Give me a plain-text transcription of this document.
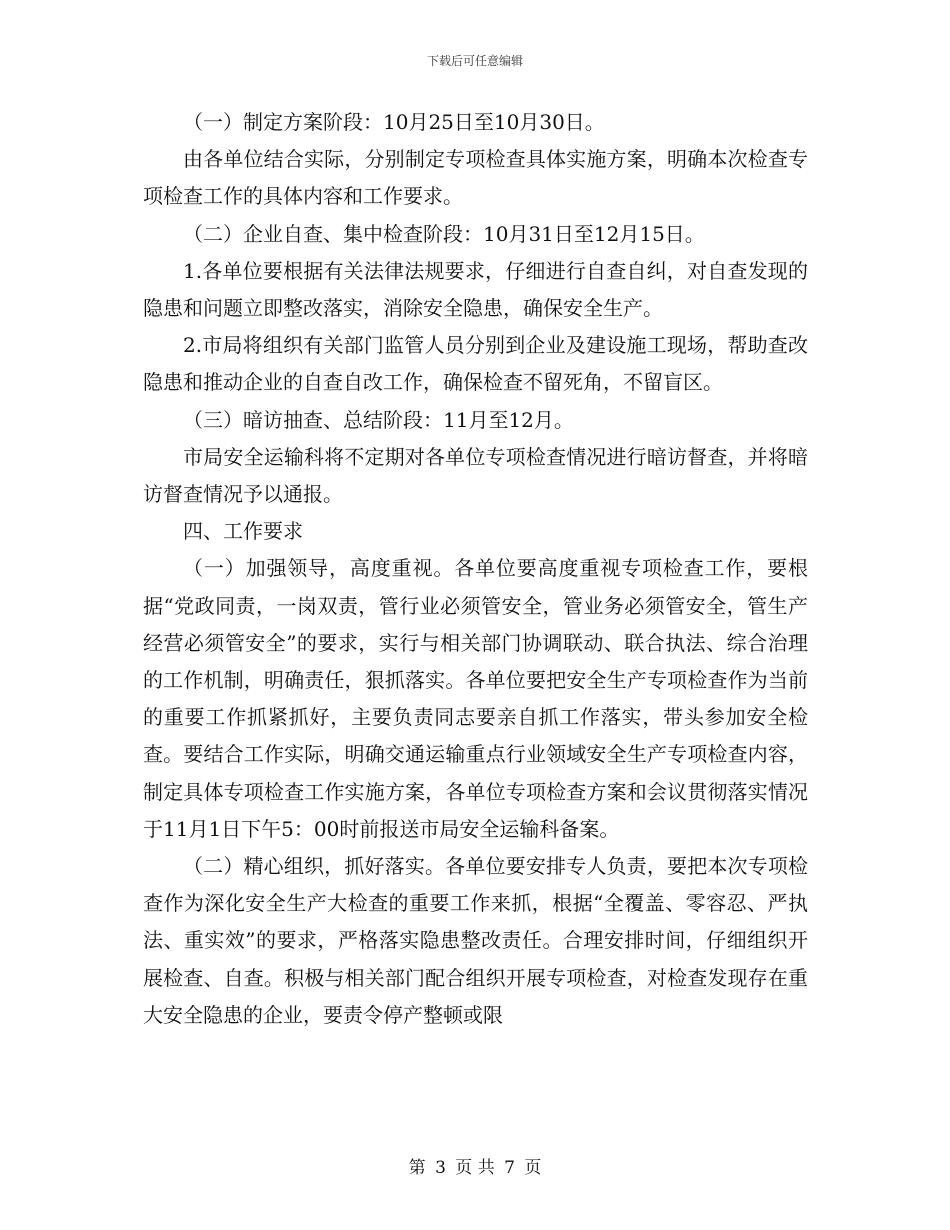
下载后可任意编辑

（一）制定方案阶段：10月25日至10月30日。

由各单位结合实际，分别制定专项检查具体实施方案，明确本次检查专项检查工作的具体内容和工作要求。

（二）企业自查、集中检查阶段：10月31日至12月15日。

1.各单位要根据有关法律法规要求，仔细进行自查自纠，对自查发现的隐患和问题立即整改落实，消除安全隐患，确保安全生产。

2.市局将组织有关部门监管人员分别到企业及建设施工现场，帮助查改隐患和推动企业的自查自改工作，确保检查不留死角，不留盲区。

（三）暗访抽查、总结阶段：11月至12月。

市局安全运输科将不定期对各单位专项检查情况进行暗访督查，并将暗访督查情况予以通报。

四、工作要求

（一）加强领导，高度重视。各单位要高度重视专项检查工作，要根据“党政同责，一岗双责，管行业必须管安全，管业务必须管安全，管生产经营必须管安全”的要求，实行与相关部门协调联动、联合执法、综合治理的工作机制，明确责任，狠抓落实。各单位要把安全生产专项检查作为当前的重要工作抓紧抓好，主要负责同志要亲自抓工作落实，带头参加安全检查。要结合工作实际，明确交通运输重点行业领域安全生产专项检查内容，制定具体专项检查工作实施方案，各单位专项检查方案和会议贯彻落实情况于11月1日下午5：00时前报送市局安全运输科备案。

（二）精心组织，抓好落实。各单位要安排专人负责，要把本次专项检查作为深化安全生产大检查的重要工作来抓，根据“全覆盖、零容忍、严执法、重实效”的要求，严格落实隐患整改责任。合理安排时间，仔细组织开展检查、自查。积极与相关部门配合组织开展专项检查，对检查发现存在重大安全隐患的企业，要责令停产整顿或限

第 3 页 共 7 页
